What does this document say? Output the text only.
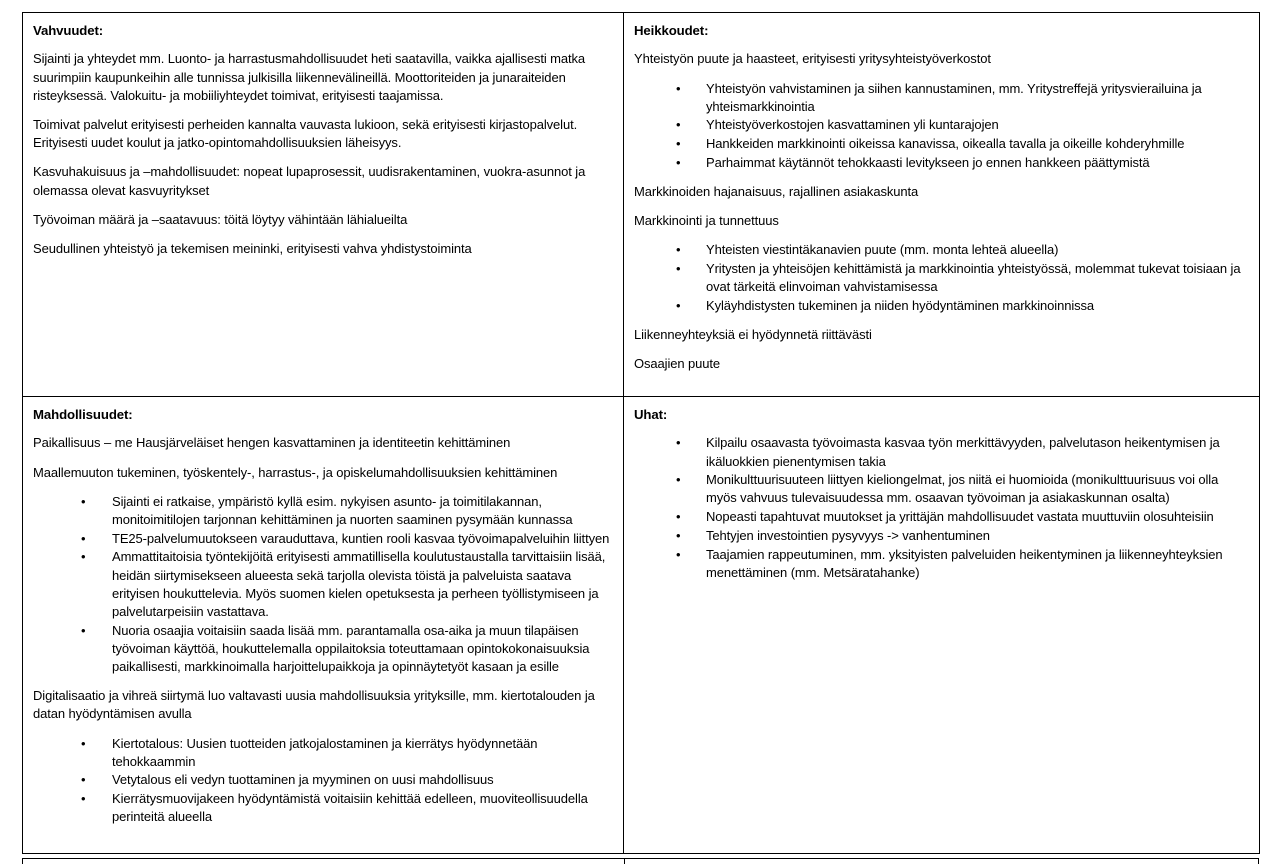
Vahvuudet:

Sijainti ja yhteydet mm. Luonto- ja harrastusmahdollisuudet heti saatavilla, vaikka ajallisesti matka suurimpiin kaupunkeihin alle tunnissa julkisilla liikennevälineillä. Moottoriteiden ja junaraiteiden risteyksessä. Valokuitu- ja mobiiliyhteydet toimivat, erityisesti taajamissa.

Toimivat palvelut erityisesti perheiden kannalta vauvasta lukioon, sekä erityisesti kirjastopalvelut. Erityisesti uudet koulut ja jatko-opintomahdollisuuksien läheisyys.

Kasvuhakuisuus ja –mahdollisuudet: nopeat lupaprosessit, uudisrakentaminen, vuokra-asunnot ja olemassa olevat kasvuyritykset

Työvoiman määrä ja –saatavuus: töitä löytyy vähintään lähialueilta

Seudullinen yhteistyö ja tekemisen meininki, erityisesti vahva yhdistystoiminta

Heikkoudet:

Yhteistyön puute ja haasteet, erityisesti yritysyhteistyöverkostot

• Yhteistyön vahvistaminen ja siihen kannustaminen, mm. Yritystreffejä yritysvierailuina ja yhteismarkkinointia
• Yhteistyöverkostojen kasvattaminen yli kuntarajojen
• Hankkeiden markkinointi oikeissa kanavissa, oikealla tavalla ja oikeille kohderyhmille
• Parhaimmat käytännöt tehokkaasti levitykseen jo ennen hankkeen päättymistä

Markkinoiden hajanaisuus, rajallinen asiakaskunta

Markkinointi ja tunnettuus

• Yhteisten viestintäkanavien puute (mm. monta lehteä alueella)
• Yritysten ja yhteisöjen kehittämistä ja markkinointia yhteistyössä, molemmat tukevat toisiaan ja ovat tärkeitä elinvoiman vahvistamisessa
• Kyläyhdistysten tukeminen ja niiden hyödyntäminen markkinoinnissa

Liikenneyhteyksiä ei hyödynnetä riittävästi

Osaajien puute

Mahdollisuudet:

Paikallisuus – me Hausjärveläiset hengen kasvattaminen ja identiteetin kehittäminen

Maallemuuton tukeminen, työskentely-, harrastus-, ja opiskelumahdollisuuksien kehittäminen

• Sijainti ei ratkaise, ympäristö kyllä esim. nykyisen asunto- ja toimitilakannan, monitoimitilojen tarjonnan kehittäminen ja nuorten saaminen pysymään kunnassa
• TE25-palvelumuutokseen varauduttava, kuntien rooli kasvaa työvoimapalveluihin liittyen
• Ammattitaitoisia työntekijöitä erityisesti ammatillisella koulutustaustalla tarvittaisiin lisää, heidän siirtymisekseen alueesta sekä tarjolla olevista töistä ja palveluista saatava erityisen houkuttelevia. Myös suomen kielen opetuksesta ja perheen työllistymiseen ja palvelutarpeisiin vastattava.
• Nuoria osaajia voitaisiin saada lisää mm. parantamalla osa-aika ja muun tilapäisen työvoiman käyttöä, houkuttelemalla oppilaitoksia toteuttamaan opintokokonaisuuksia paikallisesti, markkinoimalla harjoittelupaikkoja ja opinnäytetyöt kasaan ja esille

Digitalisaatio ja vihreä siirtymä luo valtavasti uusia mahdollisuuksia yrityksille, mm. kiertotalouden ja datan hyödyntämisen avulla

• Kiertotalous: Uusien tuotteiden jatkojalostaminen ja kierrätys hyödynnetään tehokkaammin
• Vetytalous eli vedyn tuottaminen ja myyminen on uusi mahdollisuus
• Kierrätysmuovijakeen hyödyntämistä voitaisiin kehittää edelleen, muoviteollisuudella perinteitä alueella

Uhat:
• Kilpailu osaavasta työvoimasta kasvaa työn merkittävyyden, palvelutason heikentymisen ja ikäluokkien pienentymisen takia
• Monikulttuurisuuteen liittyen kieliongelmat, jos niitä ei huomioida (monikulttuurisuus voi olla myös vahvuus tulevaisuudessa mm. osaavan työvoiman ja asiakaskunnan osalta)
• Nopeasti tapahtuvat muutokset ja yrittäjän mahdollisuudet vastata muuttuviin olosuhteisiin
• Tehtyjen investointien pysyvyys -> vanhentuminen
• Taajamien rappeutuminen, mm. yksityisten palveluiden heikentyminen ja liikenneyhteyksien menettäminen (mm. Metsäratahanke)
